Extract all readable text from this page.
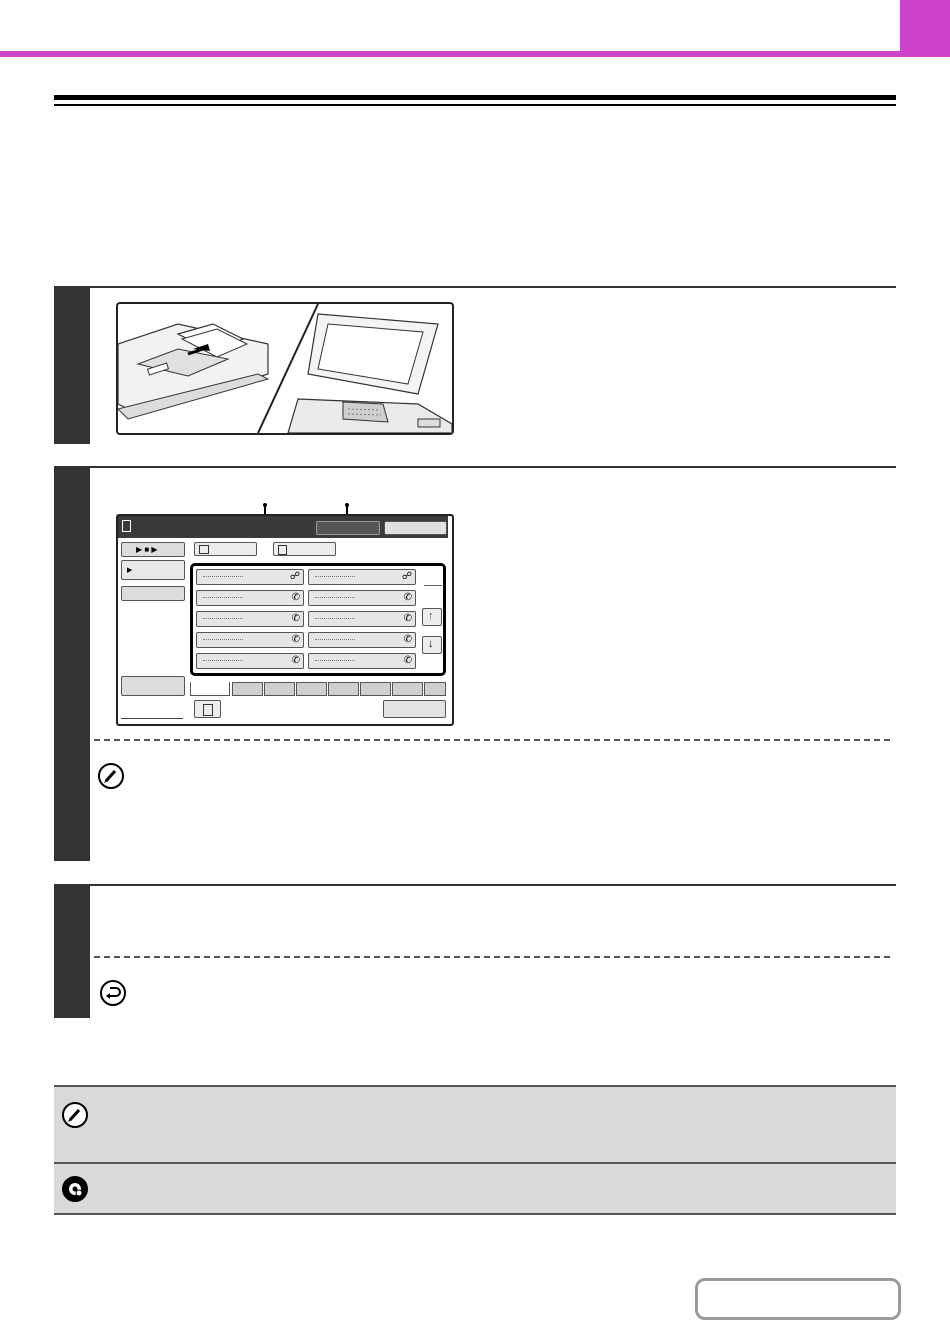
▶ ■ ▶
▶
☍	☍
✆	✆
✆	✆
✆	✆
✆	✆
↑
↓
